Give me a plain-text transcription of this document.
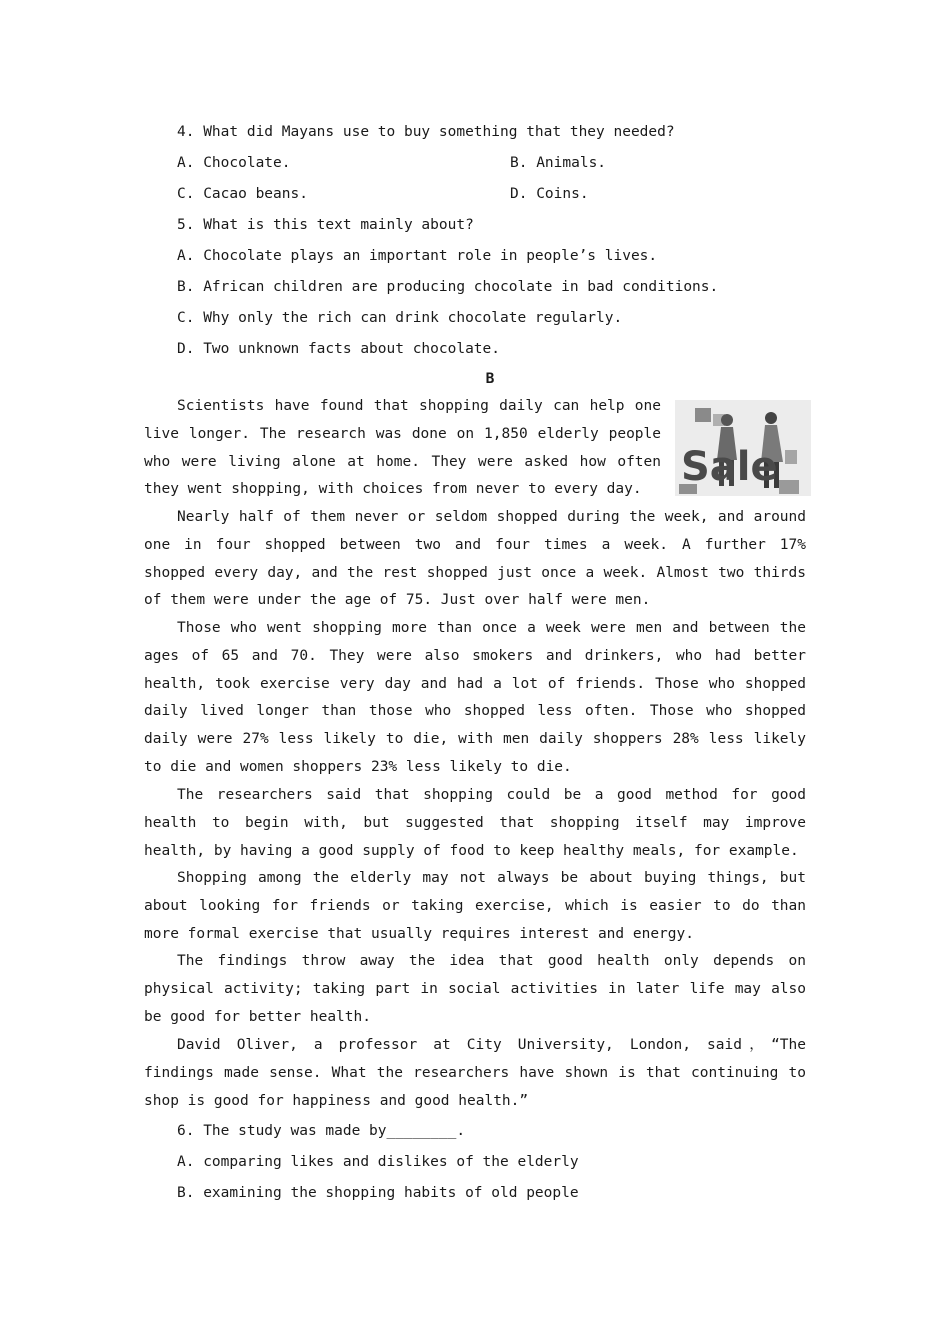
4. What did Mayans use to buy something that they needed?
A. Chocolate.	B. Animals.
C. Cacao beans.	D. Coins.
5. What is this text mainly about?
A. Chocolate plays an important role in people’s lives.
B. African children are producing chocolate in bad conditions.
C. Why only the rich can drink chocolate regularly.
D. Two unknown facts about chocolate.
B
Sale
Scientists have found that shopping daily can help one live longer. The research was done on 1,850 elderly people who were living alone at home. They were asked how often they went shopping, with choices from never to every day.
Nearly half of them never or seldom shopped during the week, and around one in four shopped between two and four times a week. A further 17% shopped every day, and the rest shopped just once a week. Almost two thirds of them were under the age of 75. Just over half were men.
Those who went shopping more than once a week were men and between the ages of 65 and 70. They were also smokers and drinkers, who had better health, took exercise very day and had a lot of friends. Those who shopped daily lived longer than those who shopped less often. Those who shopped daily were 27% less likely to die, with men daily shoppers 28% less likely to die and women shoppers 23% less likely to die.
The researchers said that shopping could be a good method for good health to begin with, but suggested that shopping itself may improve health, by having a good supply of food to keep healthy meals, for example.
Shopping among the elderly may not always be about buying things, but about looking for friends or taking exercise, which is easier to do than more formal exercise that usually requires interest and energy.
The findings throw away the idea that good health only depends on physical activity; taking part in social activities in later life may also be good for better health.
David Oliver, a professor at City University, London, said，“The findings made sense. What the researchers have shown is that continuing to shop is good for happiness and good health.”
6. The study was made by________.
A. comparing likes and dislikes of the elderly
B. examining the shopping habits of old people
